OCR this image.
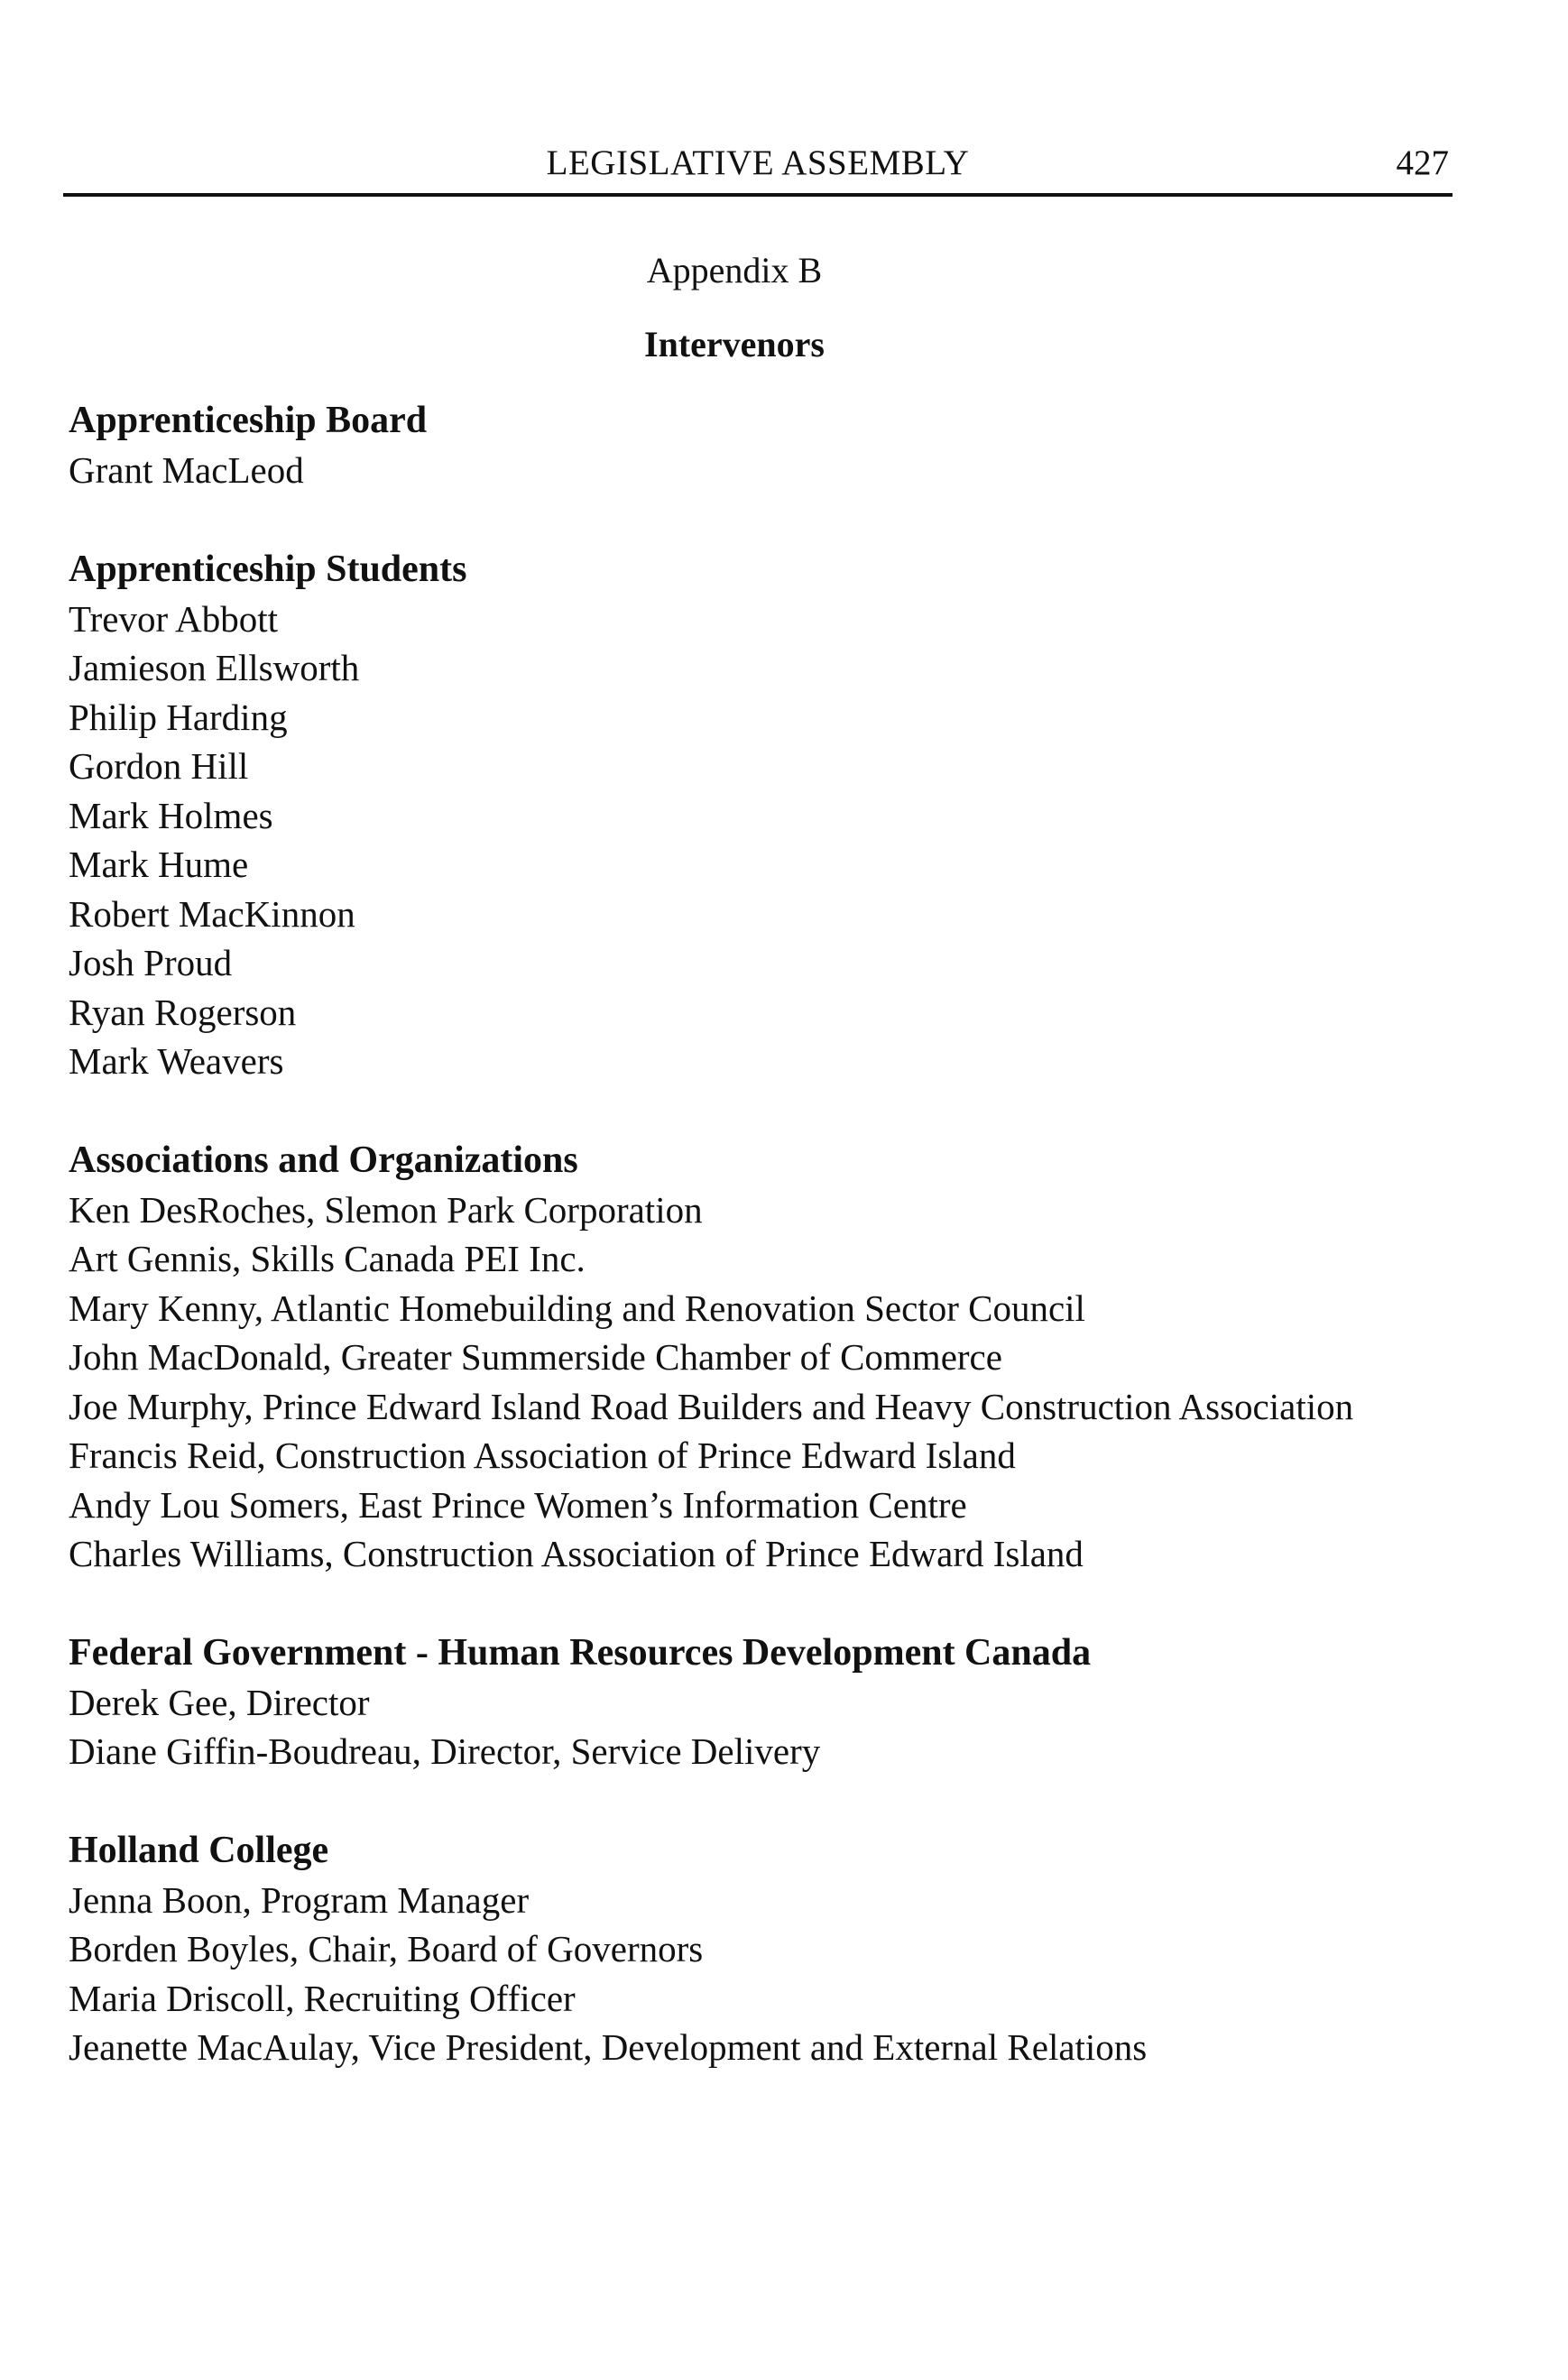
LEGISLATIVE ASSEMBLY	427
Appendix B
Intervenors
Apprenticeship Board
Grant MacLeod
Apprenticeship Students
Trevor Abbott
Jamieson Ellsworth
Philip Harding
Gordon Hill
Mark Holmes
Mark Hume
Robert MacKinnon
Josh Proud
Ryan Rogerson
Mark Weavers
Associations and Organizations
Ken DesRoches, Slemon Park Corporation
Art Gennis, Skills Canada PEI Inc.
Mary Kenny, Atlantic Homebuilding and Renovation Sector Council
John MacDonald, Greater Summerside Chamber of Commerce
Joe Murphy, Prince Edward Island Road Builders and Heavy Construction Association
Francis Reid, Construction Association of Prince Edward Island
Andy Lou Somers, East Prince Women’s Information Centre
Charles Williams, Construction Association of Prince Edward Island
Federal Government - Human Resources Development Canada
Derek Gee, Director
Diane Giffin-Boudreau, Director, Service Delivery
Holland College
Jenna Boon, Program Manager
Borden Boyles, Chair, Board of Governors
Maria Driscoll, Recruiting Officer
Jeanette MacAulay, Vice President, Development and External Relations
